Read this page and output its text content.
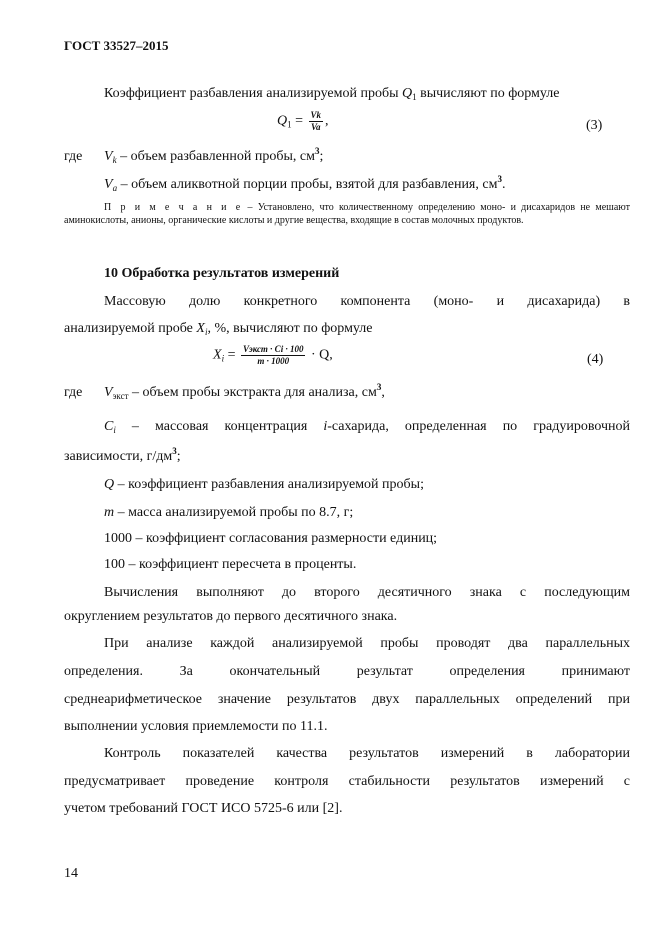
ГОСТ 33527–2015
Коэффициент разбавления анализируемой пробы $Q_1$ вычисляют по формуле
$Q_1 = \frac{Vk}{Va}$ ,	(3)
где $V_k$ – объем разбавленной пробы, $см^3$;
$V_a$ – объем аликвотной порции пробы, взятой для разбавления, $см^3$.
П р и м е ч а н и е – Установлено, что количественному определению моно- и дисахаридов не мешают аминокислоты, анионы, органические кислоты и другие вещества, входящие в состав молочных продуктов.
10 Обработка результатов измерений
Массовую долю конкретного компонента (моно- и дисахарида) в
анализируемой пробе $X_i$, %, вычисляют по формуле
$X_i = \frac{\text{Vэкст · Ci · 100}}{m \cdot 1000} \cdot Q$,	(4)
где $V_{экст}$ – объем пробы экстракта для анализа, $см^3$,
$C_i$ – массовая концентрация i-сахарида, определенная по градуировочной
зависимости, $г/дм^3$;
Q – коэффициент разбавления анализируемой пробы;
m – масса анализируемой пробы по 8.7, г;
1000 – коэффициент согласования размерности единиц;
100 – коэффициент пересчета в проценты.
Вычисления выполняют до второго десятичного знака с последующим
округлением результатов до первого десятичного знака.
При анализе каждой анализируемой пробы проводят два параллельных
определения. За окончательный результат определения принимают
среднеарифметическое значение результатов двух параллельных определений при
выполнении условия приемлемости по 11.1.
Контроль показателей качества результатов измерений в лаборатории
предусматривает проведение контроля стабильности результатов измерений с
учетом требований ГОСТ ИСО 5725-6 или [2].
14
